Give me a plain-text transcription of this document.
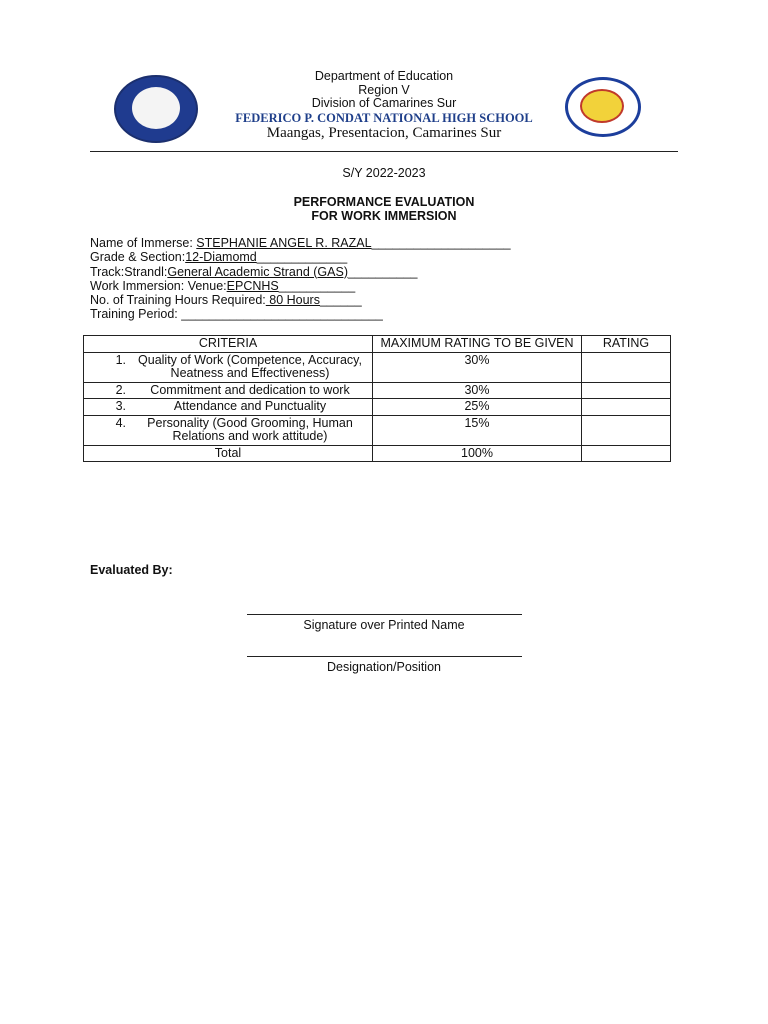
Department of Education
Region V
Division of Camarines Sur
FEDERICO P. CONDAT NATIONAL HIGH SCHOOL
Maangas, Presentacion, Camarines Sur
S/Y 2022-2023
PERFORMANCE EVALUATION
FOR WORK IMMERSION
Name of Immerse: STEPHANIE ANGEL R. RAZAL____________________
Grade & Section:12-Diamomd_____________
Track:Strandl:General Academic Strand (GAS)__________
Work Immersion: Venue:EPCNHS___________
No. of Training Hours Required: 80 Hours______
Training Period: _____________________________
CRITERIA	MAXIMUM RATING TO BE GIVEN	RATING

1. Quality of Work (Competence, Accuracy, Neatness and Effectiveness)	30%	

2. Commitment and dedication to work	30%	

3. Attendance and Punctuality	25%	

4. Personality (Good Grooming, Human Relations and work attitude)	15%	
Total	100%	
Evaluated By:
Signature over Printed Name
Designation/Position
